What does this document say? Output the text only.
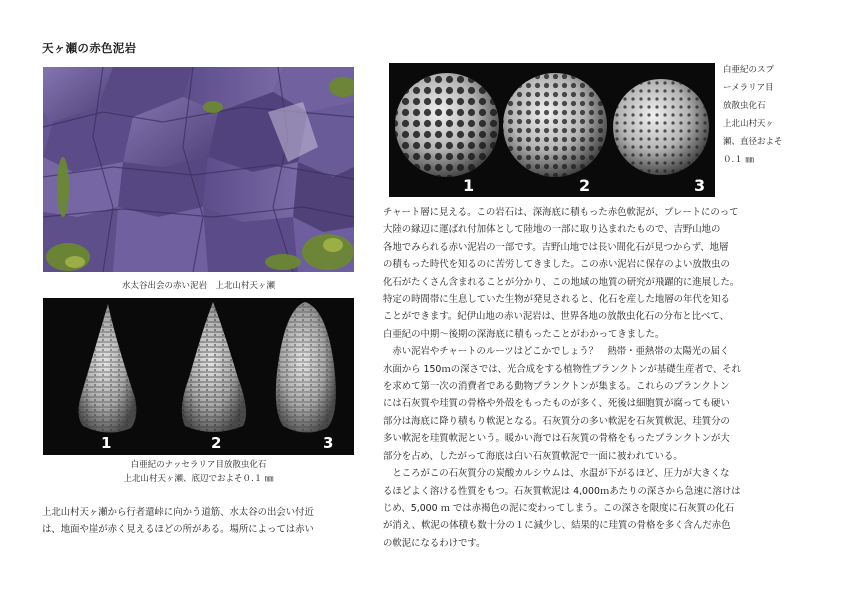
天ヶ瀬の赤色泥岩
水太谷出会の赤い泥岩　上北山村天ヶ瀬
1	2	3
白亜紀のナッセラリア目放散虫化石
上北山村天ヶ瀬、底辺でおよそ０.１ ㎜
上北山村天ヶ瀬から行者還峠に向かう道筋、水太谷の出会い付近
は、地面や崖が赤く見えるほどの所がある。場所によっては赤い
1	2	3
白亜紀のスプ
ーメラリア目
放散虫化石
上北山村天ヶ
瀬、直径およそ
０.１ ㎜
チャート層に見える。この岩石は、深海底に積もった赤色軟泥が、プレートにのって
大陸の縁辺に運ばれ付加体として陸地の一部に取り込まれたもので、吉野山地の
各地でみられる赤い泥岩の一部です。吉野山地では長い間化石が見つからず、地層
の積もった時代を知るのに苦労してきました。この赤い泥岩に保存のよい放散虫の
化石がたくさん含まれることが分かり、この地域の地質の研究が飛躍的に進展した。
特定の時間帯に生息していた生物が発見されると、化石を産した地層の年代を知る
ことができます。紀伊山地の赤い泥岩は、世界各地の放散虫化石の分布と比べて、
白亜紀の中期〜後期の深海底に積もったことがわかってきました。
　赤い泥岩やチャートのルーツはどこかでしょう？　熱帯・亜熱帯の太陽光の届く
水面から 150ｍの深さでは、光合成をする植物性プランクトンが基礎生産者で、それ
を求めて第一次の消費者である動物プランクトンが集まる。これらのプランクトン
には石灰質や珪質の骨格や外殻をもったものが多く、死後は細胞質が腐っても硬い
部分は海底に降り積もり軟泥となる。石灰質分の多い軟泥を石灰質軟泥、珪質分の
多い軟泥を珪質軟泥という。暖かい海では石灰質の骨格をもったプランクトンが大
部分を占め、したがって海底は白い石灰質軟泥で一面に被われている。
　ところがこの石灰質分の炭酸カルシウムは、水温が下がるほど、圧力が大きくな
るほどよく溶ける性質をもつ。石灰質軟泥は 4,000ｍあたりの深さから急速に溶けは
じめ、5,000 ｍ では赤褐色の泥に変わってしまう。この深さを限度に石灰質の化石
が消え、軟泥の体積も数十分の１に減少し、結果的に珪質の骨格を多く含んだ赤色
の軟泥になるわけです。
